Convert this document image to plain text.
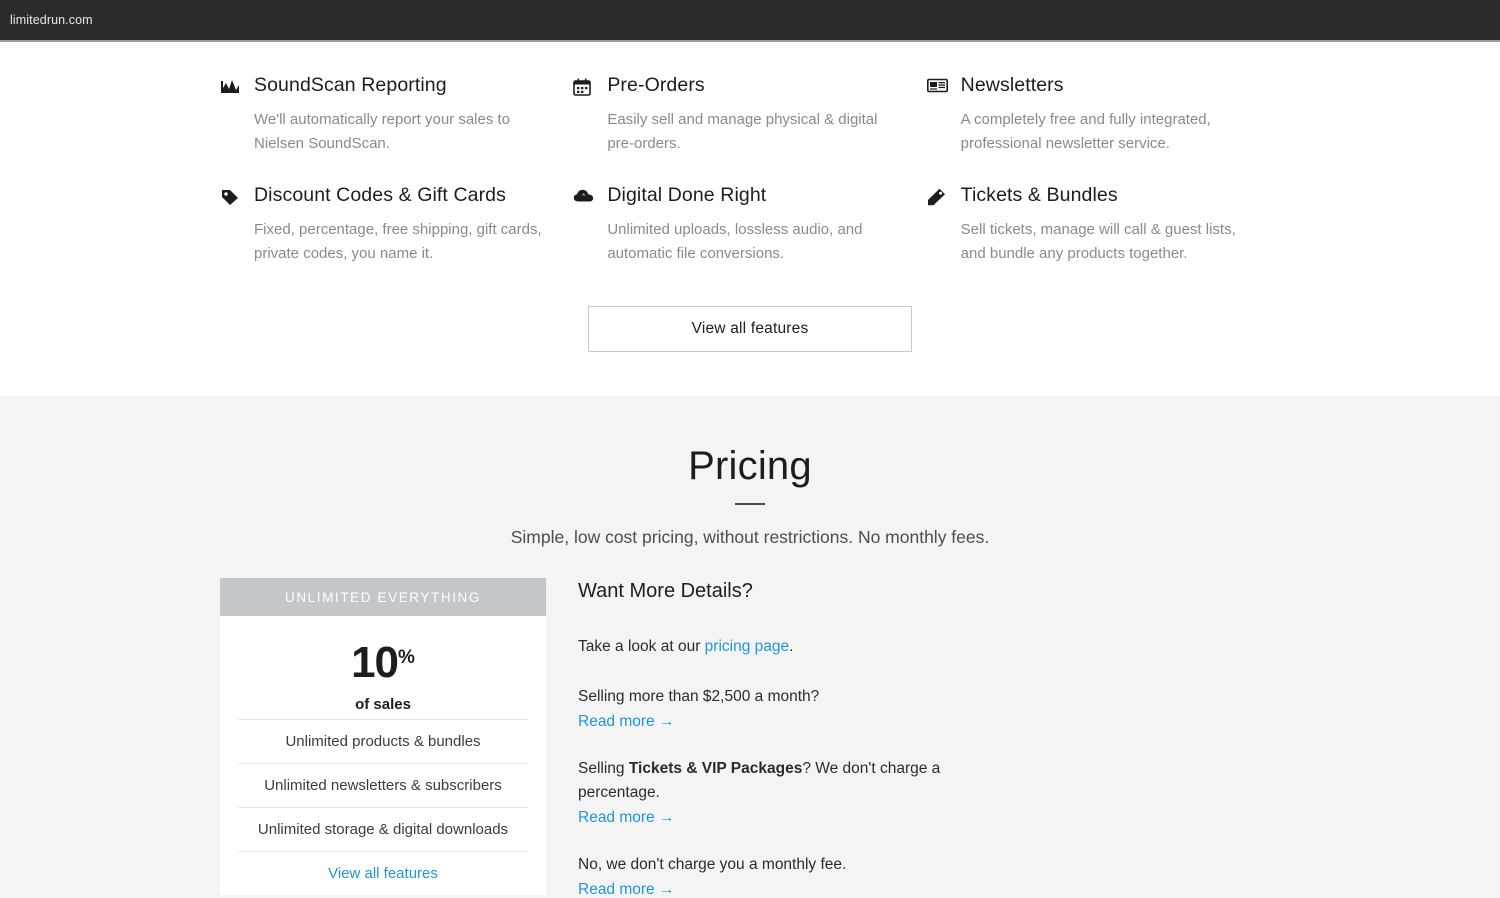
limitedrun.com
SoundScan Reporting

We'll automatically report your sales to Nielsen SoundScan.

Pre-Orders

Easily sell and manage physical & digital pre-orders.

Newsletters

A completely free and fully integrated, professional newsletter service.

Discount Codes & Gift Cards

Fixed, percentage, free shipping, gift cards, private codes, you name it.

Digital Done Right

Unlimited uploads, lossless audio, and automatic file conversions.

Tickets & Bundles

Sell tickets, manage will call & guest lists, and bundle any products together.

View all features
Pricing

Simple, low cost pricing, without restrictions. No monthly fees.

UNLIMITED EVERYTHING
10%
of sales
Unlimited products & bundles
Unlimited newsletters & subscribers
Unlimited storage & digital downloads
View all features
Want More Details?

Take a look at our pricing page.

Selling more than $2,500 a month?

Read more →

Selling Tickets & VIP Packages? We don't charge a percentage.

Read more →

No, we don't charge you a monthly fee.

Read more →
